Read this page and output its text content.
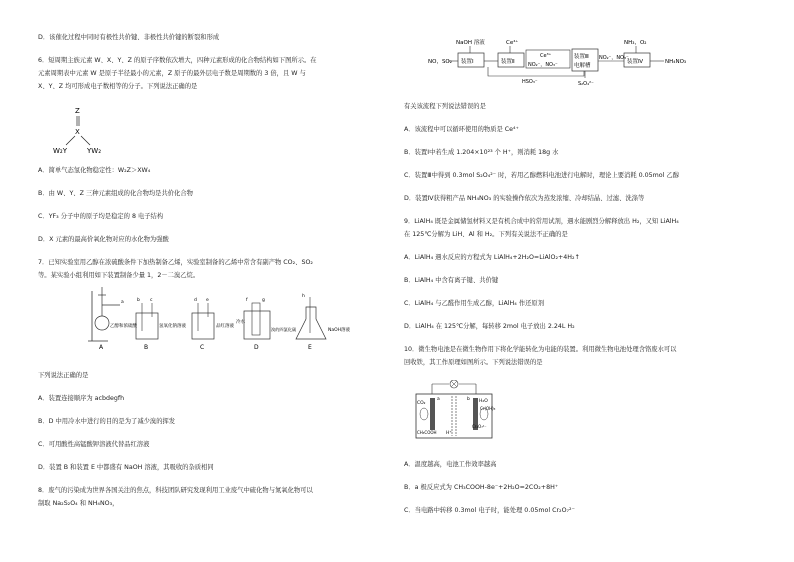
D．该催化过程中同时有极性共价键、非极性共价键的断裂和形成
6．短周期主族元素 W、X、Y、Z 的原子序数依次增大，四种元素形成的化合物结构如下图所示。在
元素周期表中元素 W 是原子半径最小的元素，Z 原子的最外层电子数是周期数的 3 倍，且 W 与
X、Y、Z 均可形成电子数相等的分子。下列说法正确的是
Z
X
W₂Y	YW₂
A．简单气态氢化物稳定性：W₂Z＞XW₄
B．由 W、Y、Z 三种元素组成的化合物均是共价化合物
C．YF₃ 分子中的原子均是稳定的 8 电子结构
D．X 元素的最高价氧化物对应的水化物为强酸
7．已知实验室用乙醇在浓硫酸条件下加热制备乙烯，实验室制备的乙烯中常含有副产物 CO₂、SO₂
等。某实验小组利用如下装置制备少量 1，2－二溴乙烷。
A
乙醇和浓硫酸
a	b c
氢氧化钠溶液
B
d e
品红溶液
C
f	g
冷水
溴的四氯化碳
D
h
NaOH溶液
E
下列说法正确的是
A．装置连接顺序为 acbdegfh
B．D 中用冷水中进行的目的是为了减少溴的挥发
C．可用酸性高锰酸钾溶液代替品红溶液
D．装置 B 和装置 E 中都盛有 NaOH 溶液，其吸收的杂质相同
8．废气的污染成为世界各国关注的焦点，科技团队研究发现利用工业废气中硫化物与氮氧化物可以
制取 Na₂S₂O₄ 和 NH₄NO₃，
NaOH 溶液	Ce⁴⁺	NH₃，O₂
NO，SO₂ 装置Ⅰ	装置Ⅱ
Ce³⁺
NO₂⁻，NO₃⁻
装置Ⅲ
电解槽
NO₂⁻，NO₃⁻
装置Ⅳ	NH₄NO₃
HSO₃⁻	S₂O₄²⁻
有关该流程下列说法错误的是
A．该流程中可以循环使用的物质是 Ce⁴⁺
B．装置Ⅰ中若生成 1.204×10²³ 个 H⁺，则消耗 18g 水
C．装置Ⅲ中得到 0.3mol S₂O₄²⁻ 时，若用乙醇燃料电池进行电解时，理论上要消耗 0.05mol 乙醇
D．装置Ⅳ获得粗产品 NH₄NO₃ 的实验操作依次为蒸发浓缩、冷却结晶、过滤、洗涤等
9．LiAlH₄ 既是金属储氢材料又是有机合成中的常用试剂，遇水能剧烈分解释放出 H₂，又知 LiAlH₄
在 125℃分解为 LiH、Al 和 H₂。下列有关说法不正确的是
A．LiAlH₄ 遇水反应的方程式为 LiAlH₄+2H₂O=LiAlO₂+4H₂↑
B．LiAlH₄ 中含有离子键、共价键
C．LiAlH₄ 与乙醛作用生成乙醇，LiAlH₄ 作还原剂
D．LiAlH₄ 在 125℃分解，每转移 2mol 电子放出 2.24L H₂
10．微生物电池是在微生物作用下将化学能转化为电能的装置。利用微生物电池处理含铬废水可以
回收铁，其工作原理如图所示。下列说法错误的是
CO₂	H₂O
Cr(OH)₃
Cr₂O₇²⁻
CH₃COOH H⁺
a	b
A．温度越高，电池工作效率越高
B．a 极反应式为 CH₃COOH-8e⁻+2H₂O=2CO₂+8H⁺
C．当电路中转移 0.3mol 电子时，能处理 0.05mol Cr₂O₇²⁻
